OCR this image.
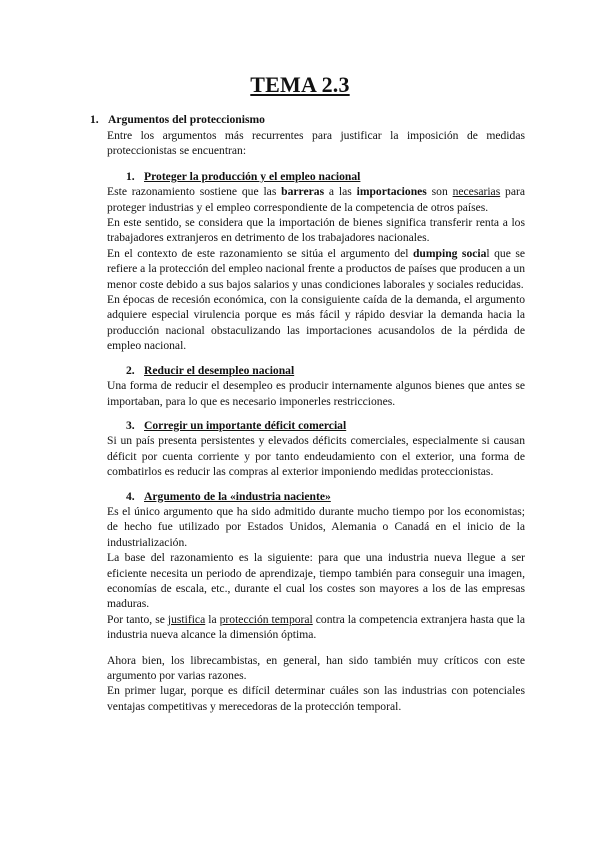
TEMA 2.3
1. Argumentos del proteccionismo

Entre los argumentos más recurrentes para justificar la imposición de medidas proteccionistas se encuentran:

1. Proteger la producción y el empleo nacional

Este razonamiento sostiene que las barreras a las importaciones son necesarias para proteger industrias y el empleo correspondiente de la competencia de otros países.

En este sentido, se considera que la importación de bienes significa transferir renta a los trabajadores extranjeros en detrimento de los trabajadores nacionales.

En el contexto de este razonamiento se sitúa el argumento del dumping social que se refiere a la protección del empleo nacional frente a productos de países que producen a un menor coste debido a sus bajos salarios y unas condiciones laborales y sociales reducidas.

En épocas de recesión económica, con la consiguiente caída de la demanda, el argumento adquiere especial virulencia porque es más fácil y rápido desviar la demanda hacia la producción nacional obstaculizando las importaciones acusandolos de la pérdida de empleo nacional.

2. Reducir el desempleo nacional

Una forma de reducir el desempleo es producir internamente algunos bienes que antes se importaban, para lo que es necesario imponerles restricciones.

3. Corregir un importante déficit comercial

Si un país presenta persistentes y elevados déficits comerciales, especialmente si causan déficit por cuenta corriente y por tanto endeudamiento con el exterior, una forma de combatirlos es reducir las compras al exterior imponiendo medidas proteccionistas.

4. Argumento de la «industria naciente»

Es el único argumento que ha sido admitido durante mucho tiempo por los economistas; de hecho fue utilizado por Estados Unidos, Alemania o Canadá en el inicio de la industrialización.

La base del razonamiento es la siguiente: para que una industria nueva llegue a ser eficiente necesita un periodo de aprendizaje, tiempo también para conseguir una imagen, economías de escala, etc., durante el cual los costes son mayores a los de las empresas maduras.

Por tanto, se justifica la protección temporal contra la competencia extranjera hasta que la industria nueva alcance la dimensión óptima.

Ahora bien, los librecambistas, en general, han sido también muy críticos con este argumento por varias razones.

En primer lugar, porque es difícil determinar cuáles son las industrias con potenciales ventajas competitivas y merecedoras de la protección temporal.
